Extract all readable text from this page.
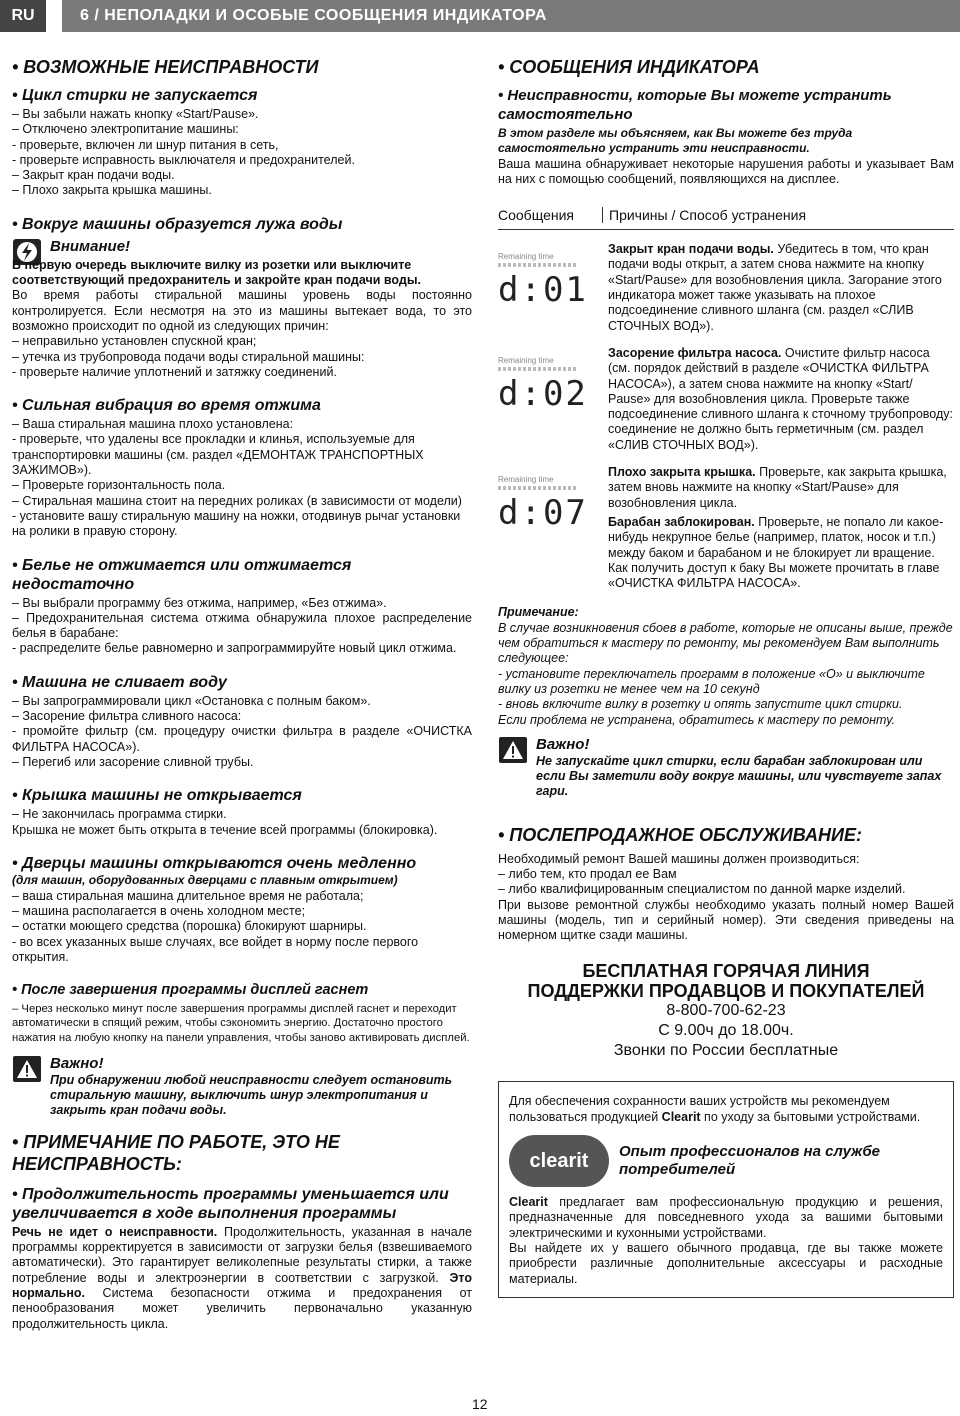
RU	6 / НЕПОЛАДКИ И ОСОБЫЕ СООБЩЕНИЯ ИНДИКАТОРА
• ВОЗМОЖНЫЕ НЕИСПРАВНОСТИ
• Цикл стирки не запускается

– Вы забыли нажать кнопку «Start/Pause».

– Отключено электропитание машины:

- проверьте, включен ли шнур питания в сеть,

- проверьте исправность выключателя и предохранителей.

– Закрыт кран подачи воды.

– Плохо закрыта крышка машины.

• Вокруг машины образуется лужа воды
Внимание!

В первую очередь выключите вилку из розетки или выключите соответствующий предохранитель и закройте кран подачи воды.

Во время работы стиральной машины уровень воды постоянно контролируется. Если несмотря на это из машины вытекает вода, то это возможно происходит по одной из следующих причин:

– неправильно установлен спускной кран;

– утечка из трубопровода подачи воды стиральной машины:

- проверьте наличие уплотнений и затяжку соединений.

• Сильная вибрация во время отжима

– Ваша стиральная машина плохо установлена:

- проверьте, что удалены все прокладки и клинья, используемые для транспортировки машины (см. раздел «ДЕМОНТАЖ ТРАНСПОРТНЫХ ЗАЖИМОВ»).

– Проверьте горизонтальность пола.

– Стиральная машина стоит на передних роликах (в зависимости от модели)

- установите вашу стиральную машину на ножки, отодвинув рычаг установки на ролики в правую сторону.

• Белье не отжимается или отжимается недостаточно

– Вы выбрали программу без отжима, например, «Без отжима».

– Предохранительная система отжима обнаружила плохое распределение белья в барабане:

- распределите белье равномерно и запрограммируйте новый цикл отжима.

• Машина не сливает воду

– Вы запрограммировали цикл «Остановка с полным баком».

– Засорение фильтра сливного насоса:

- промойте фильтр (см. процедуру очистки фильтра в разделе «ОЧИСТКА ФИЛЬТРА НАСОСА»).

– Перегиб или засорение сливной трубы.

• Крышка машины не открывается

– Не закончилась программа стирки.

Крышка не может быть открыта в течение всей программы (блокировка).

• Дверцы машины открываются очень медленно
(для машин, оборудованных дверцами с плавным открытием)

– ваша стиральная машина длительное время не работала;

– машина располагается в очень холодном месте;

– остатки моющего средства (порошка) блокируют шарниры.

- во всех указанных выше случаях, все войдет в норму после первого открытия.

• После завершения программы дисплей гаснет

– Через несколько минут после завершения программы дисплей гаснет и переходит автоматически в спящий режим, чтобы сэкономить энергию. Достаточно простого нажатия на любую кнопку на панели управления, чтобы заново активировать дисплей.

Важно!

При обнаружении любой неисправности следует остановить стиральную машину, выключить шнур электропитания и закрыть кран подачи воды.

• ПРИМЕЧАНИЕ ПО РАБОТЕ, ЭТО НЕ НЕИСПРАВНОСТЬ:
• Продолжительность программы уменьшается или увеличивается в ходе выполнения программы

Речь не идет о неисправности. Продолжительность, указанная в начале программы корректируется в зависимости от загрузки белья (взвешиваемого автоматически). Это гарантирует великолепные результаты стирки, а также потребление воды и электроэнергии в соответствии с загрузкой. Это нормально. Система безопасности отжима и предохранения от пенообразования может увеличить первоначально указанную продолжительность цикла.

• СООБЩЕНИЯ ИНДИКАТОРА
• Неисправности, которые Вы можете устранить самостоятельно

В этом разделе мы объясняем, как Вы можете без труда самостоятельно устранить эти неисправности.

Ваша машина обнаруживает некоторые нарушения работы и указывает Вам на них с помощью сообщений, появляющихся на дисплее.

Сообщения	Причины / Способ устранения
Remaining time
d:01

Закрыт кран подачи воды. Убедитесь в том, что кран подачи воды открыт, а затем снова нажмите на кнопку «Start/Pause» для возобновления цикла. Загорание этого индикатора может также указывать на плохое подсоединение сливного шланга (см. раздел «СЛИВ СТОЧНЫХ ВОД»).

Remaining time
d:02

Засорение фильтра насоса. Очистите фильтр насоса (см. порядок действий в разделе «ОЧИСТКА ФИЛЬТРА НАСОСА»), а затем снова нажмите на кнопку «Start/ Pause» для возобновления цикла. Проверьте также подсоединение сливного шланга к сточному трубопроводу: соединение не должно быть герметичным (см. раздел «СЛИВ СТОЧНЫХ ВОД»).

Remaining time
d:07

Плохо закрыта крышка. Проверьте, как закрыта крышка, затем вновь нажмите на кнопку «Start/Pause» для возобновления цикла.

Барабан заблокирован. Проверьте, не попало ли какое-нибудь некрупное белье (например, платок, носок и т.п.) между баком и барабаном и не блокирует ли вращение. Как получить доступ к баку Вы можете прочитать в главе «ОЧИСТКА ФИЛЬТРА НАСОСА».

Примечание:

В случае возникновения сбоев в работе, которые не описаны выше, прежде чем обратиться к мастеру по ремонту, мы рекомендуем Вам выполнить следующее:

- установите переключатель программ в положение «O» и выключите вилку из розетки не менее чем на 10 секунд

- вновь включите вилку в розетку и опять запустите цикл стирки.

Если проблема не устранена, обратитесь к мастеру по ремонту.

Важно!

Не запускайте цикл стирки, если барабан заблокирован или если Вы заметили воду вокруг машины, или чувствуете запах гари.

• ПОСЛЕПРОДАЖНОЕ ОБСЛУЖИВАНИЕ:

Необходимый ремонт Вашей машины должен производиться:

– либо тем, кто продал ее Вам

– либо квалифицированным специалистом по данной марке изделий.

При вызове ремонтной службы необходимо указать полный номер Вашей машины (модель, тип и серийный номер). Эти сведения приведены на номерном щитке сзади машины.

БЕСПЛАТНАЯ ГОРЯЧАЯ ЛИНИЯ
ПОДДЕРЖКИ ПРОДАВЦОВ И ПОКУПАТЕЛЕЙ
8-800-700-62-23
С 9.00ч до 18.00ч.
Звонки по России бесплатные

Для обеспечения сохранности ваших устройств мы рекомендуем пользоваться продукцией Clearit по уходу за бытовыми устройствами.

clearit	Опыт профессионалов на службе потребителей

Clearit предлагает вам профессиональную продукцию и решения, предназначенные для повседневного ухода за вашими бытовыми электрическими и кухонными устройствами.

Вы найдете их у вашего обычного продавца, где вы также можете приобрести различные дополнительные аксессуары и расходные материалы.

12
